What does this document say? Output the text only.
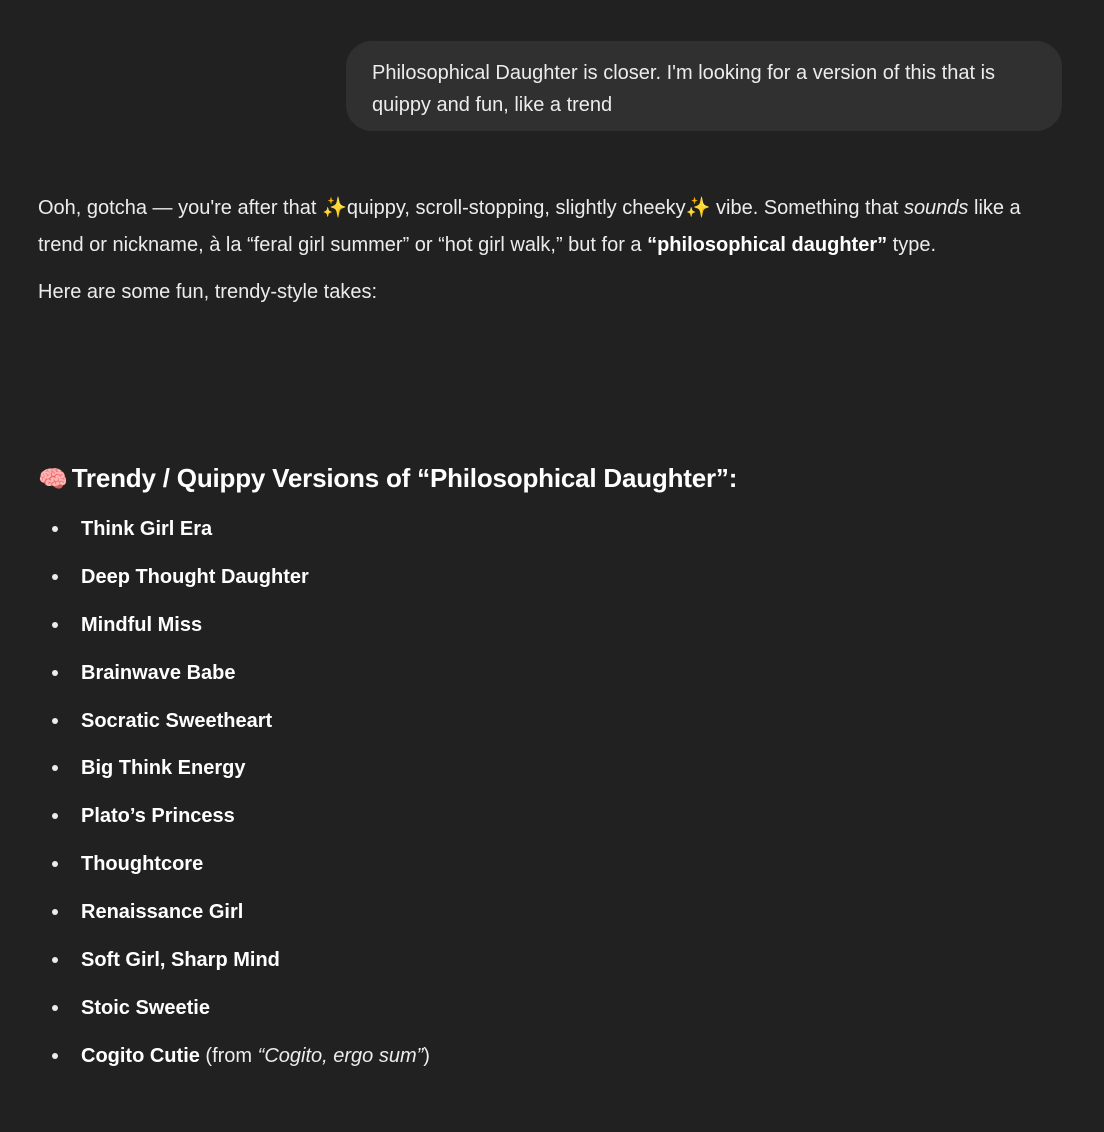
Philosophical Daughter is closer. I'm looking for a version of this that is quippy and fun, like a trend

Ooh, gotcha — you're after that ✨quippy, scroll-stopping, slightly cheeky✨ vibe. Something that sounds like a trend or nickname, à la “feral girl summer” or “hot girl walk,” but for a “philosophical daughter” type.

Here are some fun, trendy-style takes:

🧠 Trendy / Quippy Versions of “Philosophical Daughter”:
Think Girl Era
Deep Thought Daughter
Mindful Miss
Brainwave Babe
Socratic Sweetheart
Big Think Energy
Plato’s Princess
Thoughtcore
Renaissance Girl
Soft Girl, Sharp Mind
Stoic Sweetie
Cogito Cutie (from “Cogito, ergo sum”)
